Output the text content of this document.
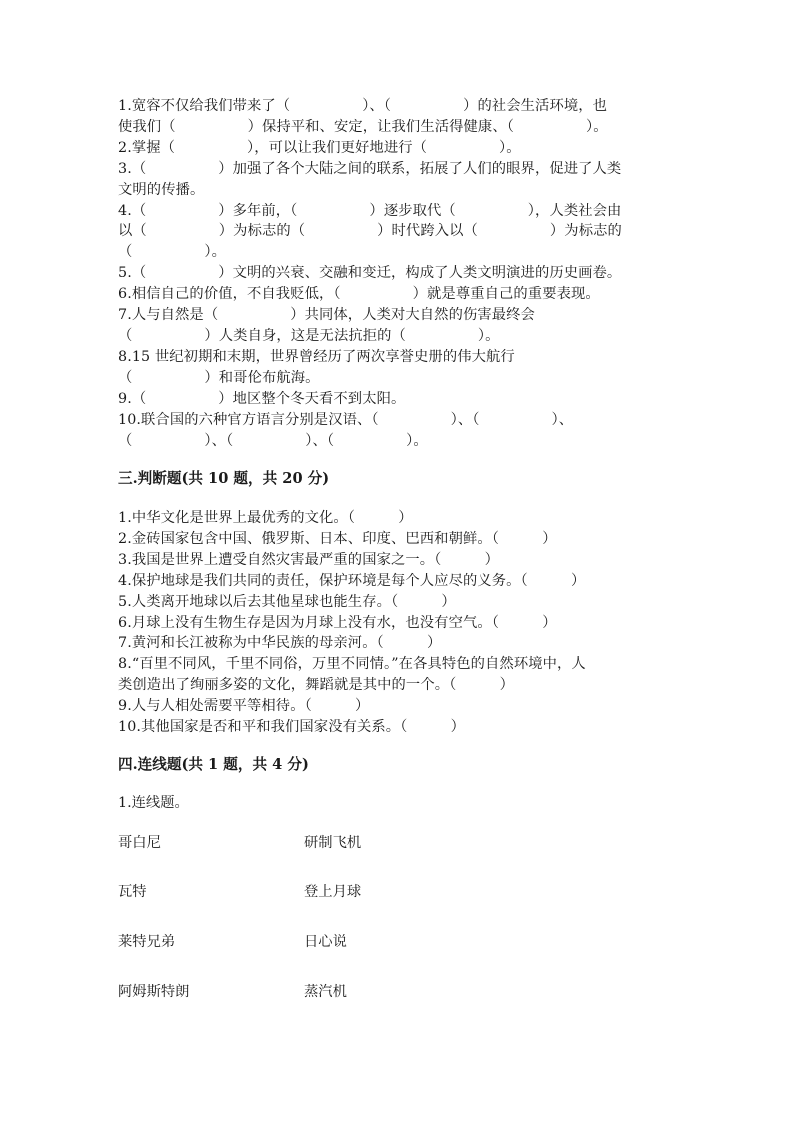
1.宽容不仅给我们带来了（　　　　　）、（　　　　　）的社会生活环境，也
使我们（　　　　　）保持平和、安定，让我们生活得健康、（　　　　　）。
2.掌握（　　　　　），可以让我们更好地进行（　　　　　）。
3.（　　　　　）加强了各个大陆之间的联系，拓展了人们的眼界，促进了人类
文明的传播。
4.（　　　　　）多年前，（　　　　　）逐步取代（　　　　　），人类社会由
以（　　　　　）为标志的（　　　　　）时代跨入以（　　　　　）为标志的
（　　　　　）。
5.（　　　　　）文明的兴衰、交融和变迁，构成了人类文明演进的历史画卷。
6.相信自己的价值，不自我贬低，（　　　　　）就是尊重自己的重要表现。
7.人与自然是（　　　　　）共同体，人类对大自然的伤害最终会
（　　　　　）人类自身，这是无法抗拒的（　　　　　）。
8.15 世纪初期和末期，世界曾经历了两次享誉史册的伟大航行
（　　　　　）和哥伦布航海。
9.（　　　　　）地区整个冬天看不到太阳。
10.联合国的六种官方语言分别是汉语、（　　　　　）、（　　　　　）、
（　　　　　）、（　　　　　）、（　　　　　）。
三.判断题(共 10 题，共 20 分)
1.中华文化是世界上最优秀的文化。（　　　）
2.金砖国家包含中国、俄罗斯、日本、印度、巴西和朝鲜。（　　　）
3.我国是世界上遭受自然灾害最严重的国家之一。（　　　）
4.保护地球是我们共同的责任，保护环境是每个人应尽的义务。（　　　）
5.人类离开地球以后去其他星球也能生存。（　　　）
6.月球上没有生物生存是因为月球上没有水，也没有空气。（　　　）
7.黄河和长江被称为中华民族的母亲河。（　　　）
8.“百里不同风，千里不同俗，万里不同情。”在各具特色的自然环境中，人
类创造出了绚丽多姿的文化，舞蹈就是其中的一个。（　　　）
9.人与人相处需要平等相待。（　　　）
10.其他国家是否和平和我们国家没有关系。（　　　）
四.连线题(共 1 题，共 4 分)
1.连线题。
哥白尼	研制飞机
瓦特	登上月球
莱特兄弟	日心说
阿姆斯特朗	蒸汽机
